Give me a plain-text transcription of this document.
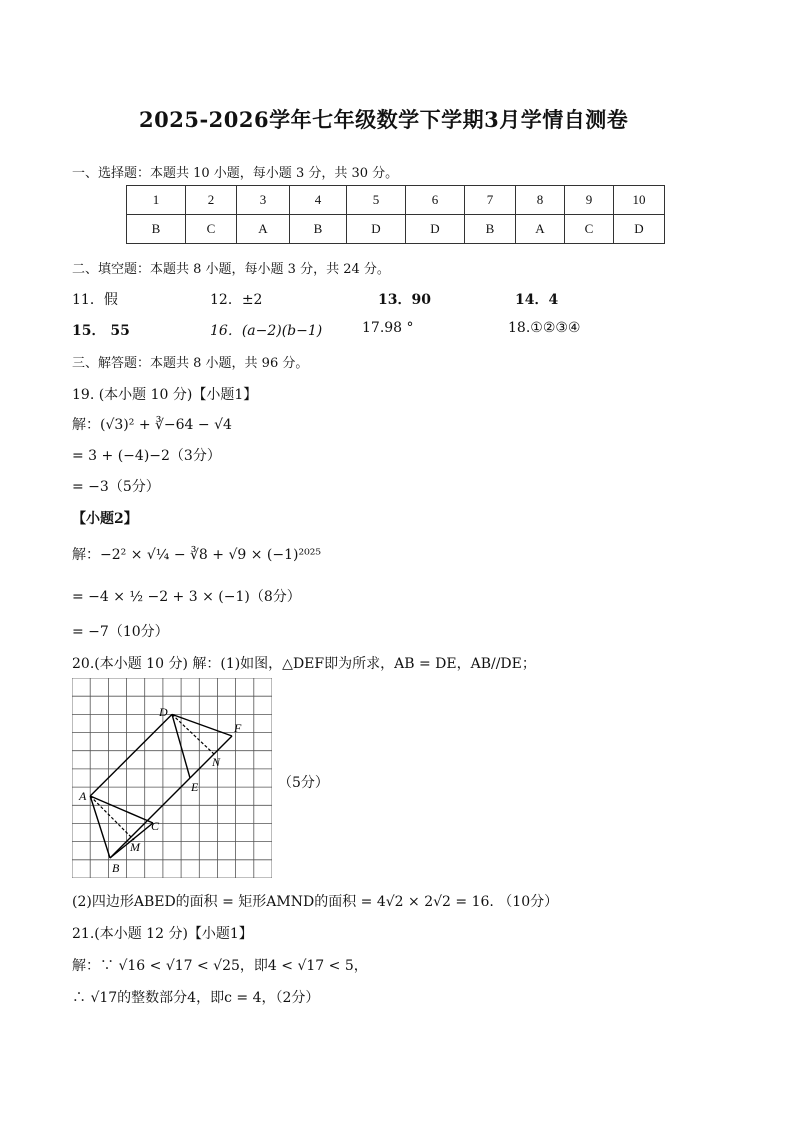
2025-2026学年七年级数学下学期3月学情自测卷
一、选择题：本题共 10 小题，每小题 3 分，共 30 分。
1	2	3	4	5	6	7	8	9	10
B	C	A	B	D	D	B	A	C	D
二、填空题：本题共 8 小题，每小题 3 分，共 24 分。
11．假	12．±2	13．90	14．4
15． 55	16．(a−2)(b−1)	17.98 °	18.①②③④
三、解答题：本题共 8 小题，共 96 分。
19. (本小题 10 分)【小题1】
解：(√3)² + ∛−64 − √4
= 3 + (−4)−2（3分）
= −3（5分）
【小题2】
解：−2² × √¼ − ∛8 + √9 × (−1)²⁰²⁵
= −4 × ½ −2 + 3 × (−1)（8分）
= −7（10分）
20.(本小题 10 分) 解：(1)如图，△DEF即为所求，AB = DE，AB//DE；
A
B
C
D
E
F
M
N
（5分）
(2)四边形ABED的面积 = 矩形AMND的面积 = 4√2 × 2√2 = 16. （10分）
21.(本小题 12 分)【小题1】
解：∵ √16 < √17 < √25，即4 < √17 < 5，
∴ √17的整数部分4，即c = 4，（2分）
